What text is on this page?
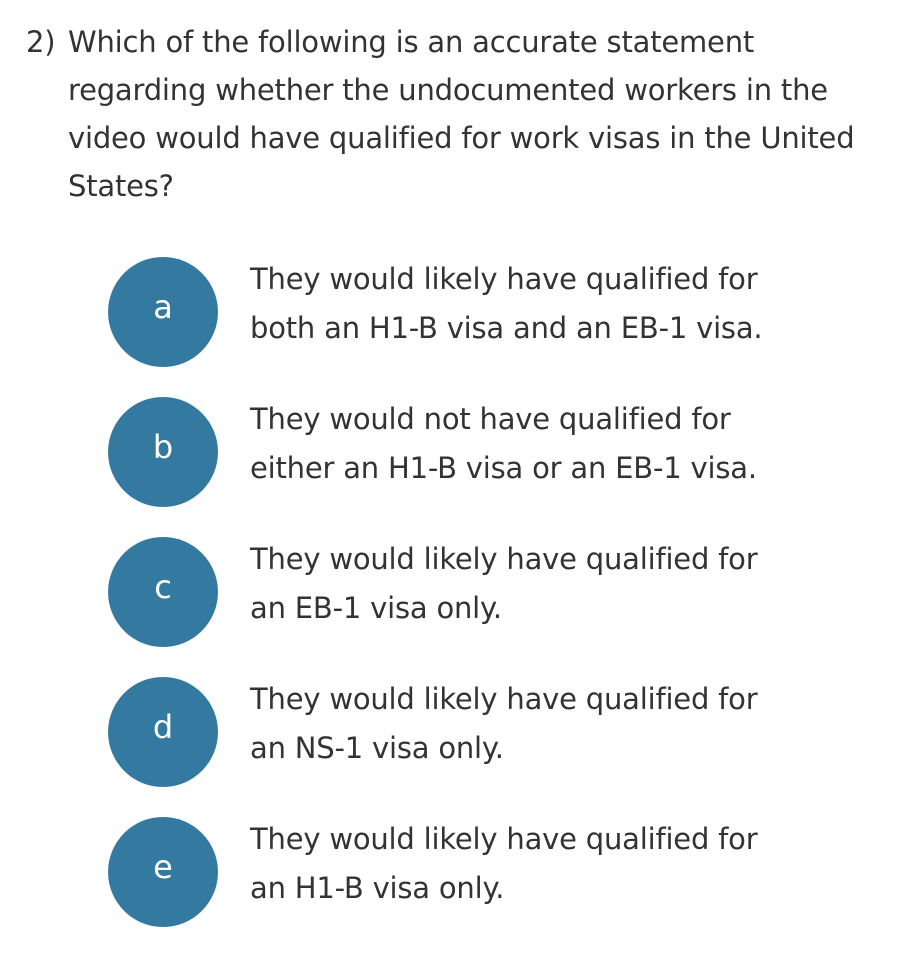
2) Which of the following is an accurate statement regarding whether the undocumented workers in the video would have qualified for work visas in the United States?
a
They would likely have qualified for
both an H1-B visa and an EB-1 visa.
b
They would not have qualified for
either an H1-B visa or an EB-1 visa.
c
They would likely have qualified for
an EB-1 visa only.
d
They would likely have qualified for
an NS-1 visa only.
e
They would likely have qualified for
an H1-B visa only.
